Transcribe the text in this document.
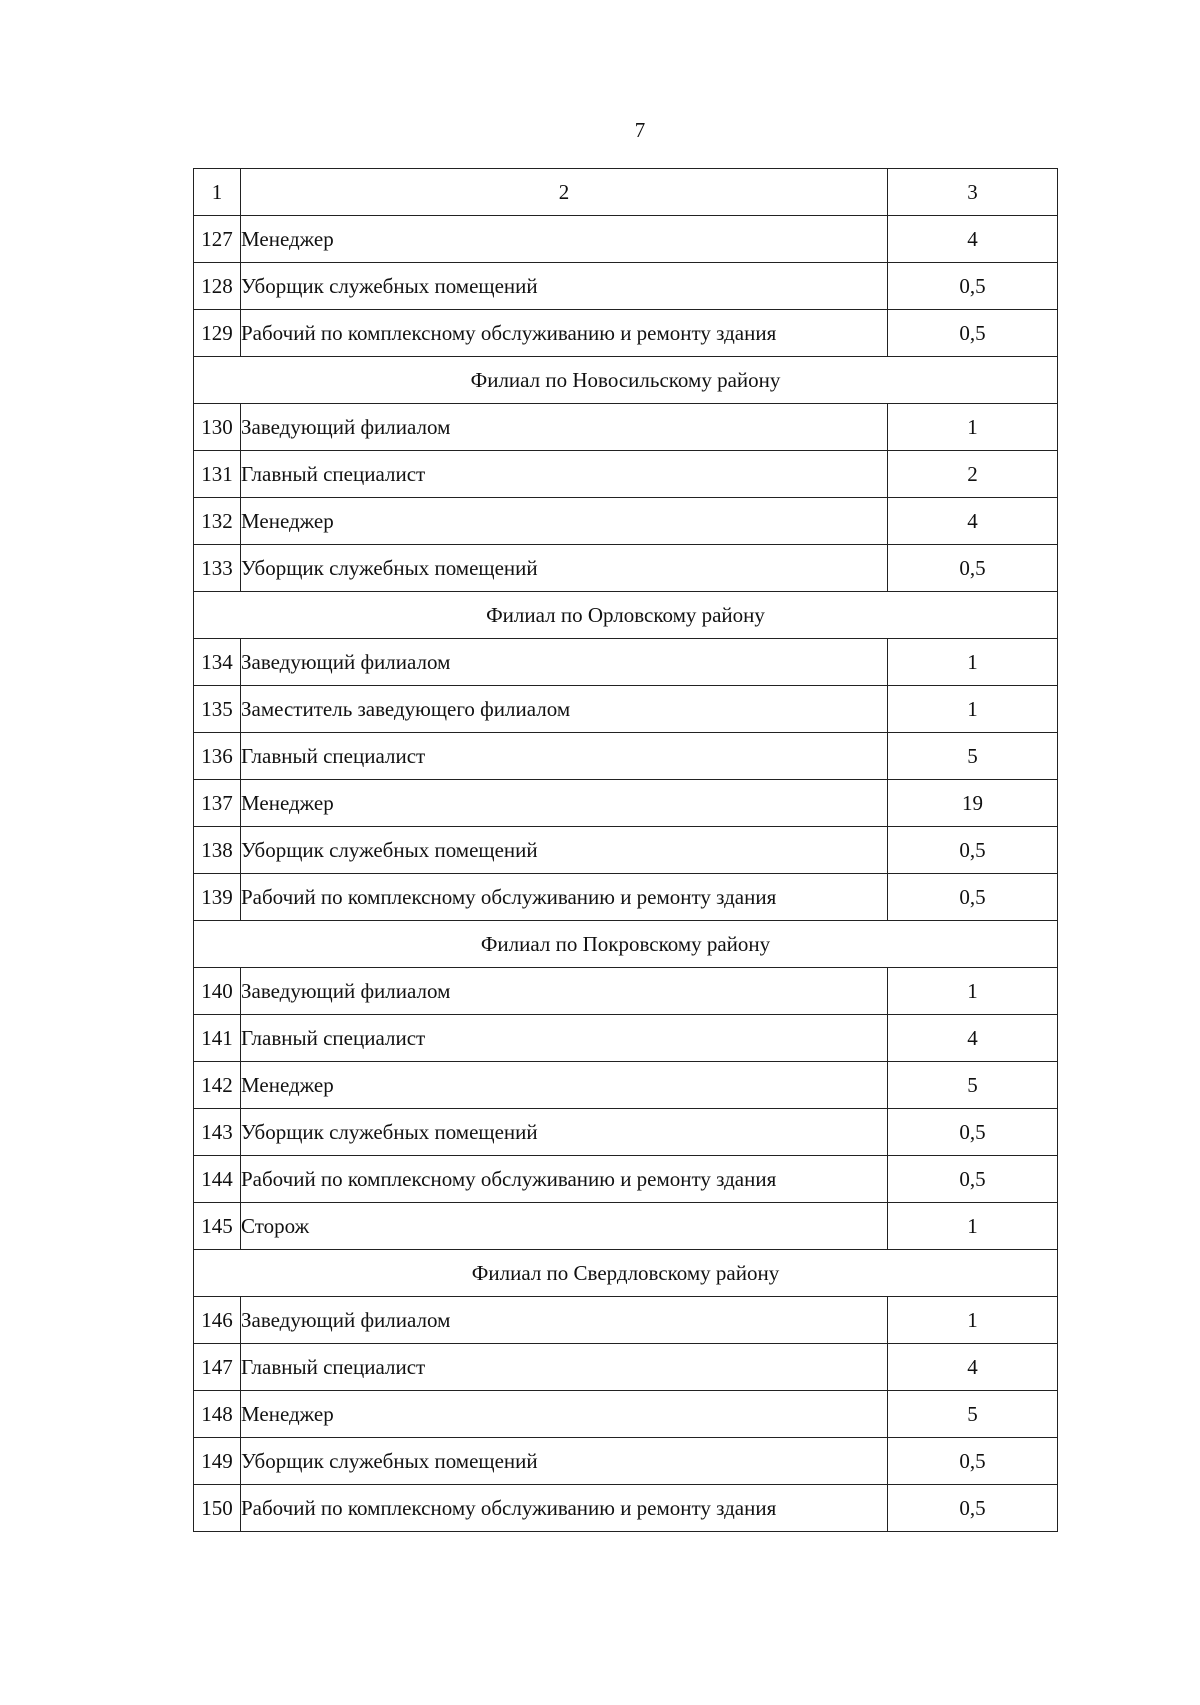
7
1	2	3
127	Менеджер	4
128	Уборщик служебных помещений	0,5
129	Рабочий по комплексному обслуживанию и ремонту здания	0,5
Филиал по Новосильскому району		
130	Заведующий филиалом	1
131	Главный специалист	2
132	Менеджер	4
133	Уборщик служебных помещений	0,5
Филиал по Орловскому району		
134	Заведующий филиалом	1
135	Заместитель заведующего филиалом	1
136	Главный специалист	5
137	Менеджер	19
138	Уборщик служебных помещений	0,5
139	Рабочий по комплексному обслуживанию и ремонту здания	0,5
Филиал по Покровскому району		
140	Заведующий филиалом	1
141	Главный специалист	4
142	Менеджер	5
143	Уборщик служебных помещений	0,5
144	Рабочий по комплексному обслуживанию и ремонту здания	0,5
145	Сторож	1
Филиал по Свердловскому району		
146	Заведующий филиалом	1
147	Главный специалист	4
148	Менеджер	5
149	Уборщик служебных помещений	0,5
150	Рабочий по комплексному обслуживанию и ремонту здания	0,5
